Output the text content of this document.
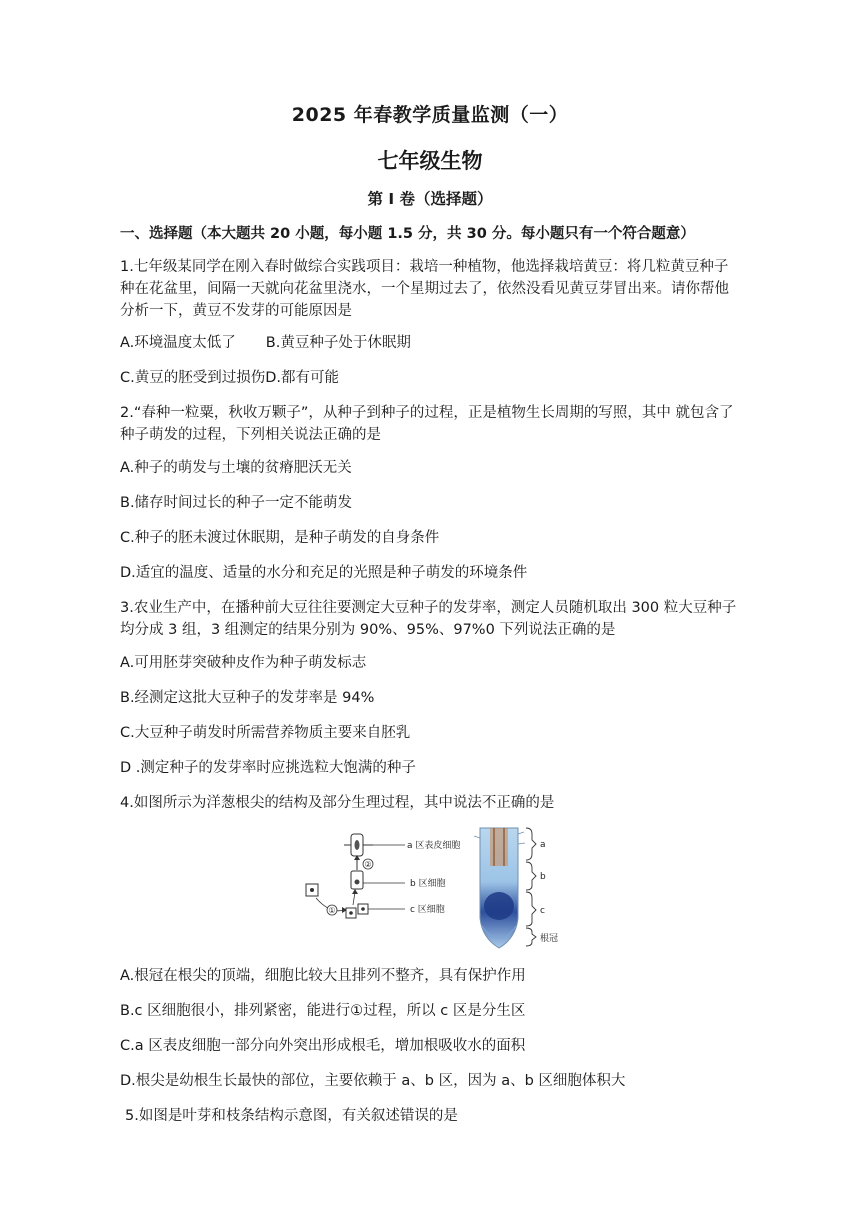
2025 年春教学质量监测（一）
七年级生物
第 I 卷（选择题）
一、选择题（本大题共 20 小题，每小题 1.5 分，共 30 分。每小题只有一个符合题意）
1.七年级某同学在刚入春时做综合实践项目：栽培一种植物，他选择栽培黄豆：将几粒黄豆种子种在花盆里，间隔一天就向花盆里浇水，一个星期过去了，依然没看见黄豆芽冒出来。请你帮他分析一下，黄豆不发芽的可能原因是
A.环境温度太低了 B.黄豆种子处于休眠期
C.黄豆的胚受到过损伤D.都有可能
2.“春种一粒粟，秋收万颗子”，从种子到种子的过程，正是植物生长周期的写照，其中 就包含了种子萌发的过程，下列相关说法正确的是
A.种子的萌发与土壤的贫瘠肥沃无关
B.储存时间过长的种子一定不能萌发
C.种子的胚未渡过休眠期，是种子萌发的自身条件
D.适宜的温度、适量的水分和充足的光照是种子萌发的环境条件
3.农业生产中，在播种前大豆往往要测定大豆种子的发芽率，测定人员随机取出 300 粒大豆种子均分成 3 组，3 组测定的结果分别为 90%、95%、97%0 下列说法正确的是
A.可用胚芽突破种皮作为种子萌发标志
B.经测定这批大豆种子的发芽率是 94%
C.大豆种子萌发时所需营养物质主要来自胚乳
D .测定种子的发芽率时应挑选粒大饱满的种子
4.如图所示为洋葱根尖的结构及部分生理过程，其中说法不正确的是
a 区表皮细胞
②
b 区细胞
①	c 区细胞
a
b
c
根冠
A.根冠在根尖的顶端，细胞比较大且排列不整齐，具有保护作用
B.c 区细胞很小，排列紧密，能进行①过程，所以 c 区是分生区
C.a 区表皮细胞一部分向外突出形成根毛，增加根吸收水的面积
D.根尖是幼根生长最快的部位，主要依赖于 a、b 区，因为 a、b 区细胞体积大
5.如图是叶芽和枝条结构示意图，有关叙述错误的是
